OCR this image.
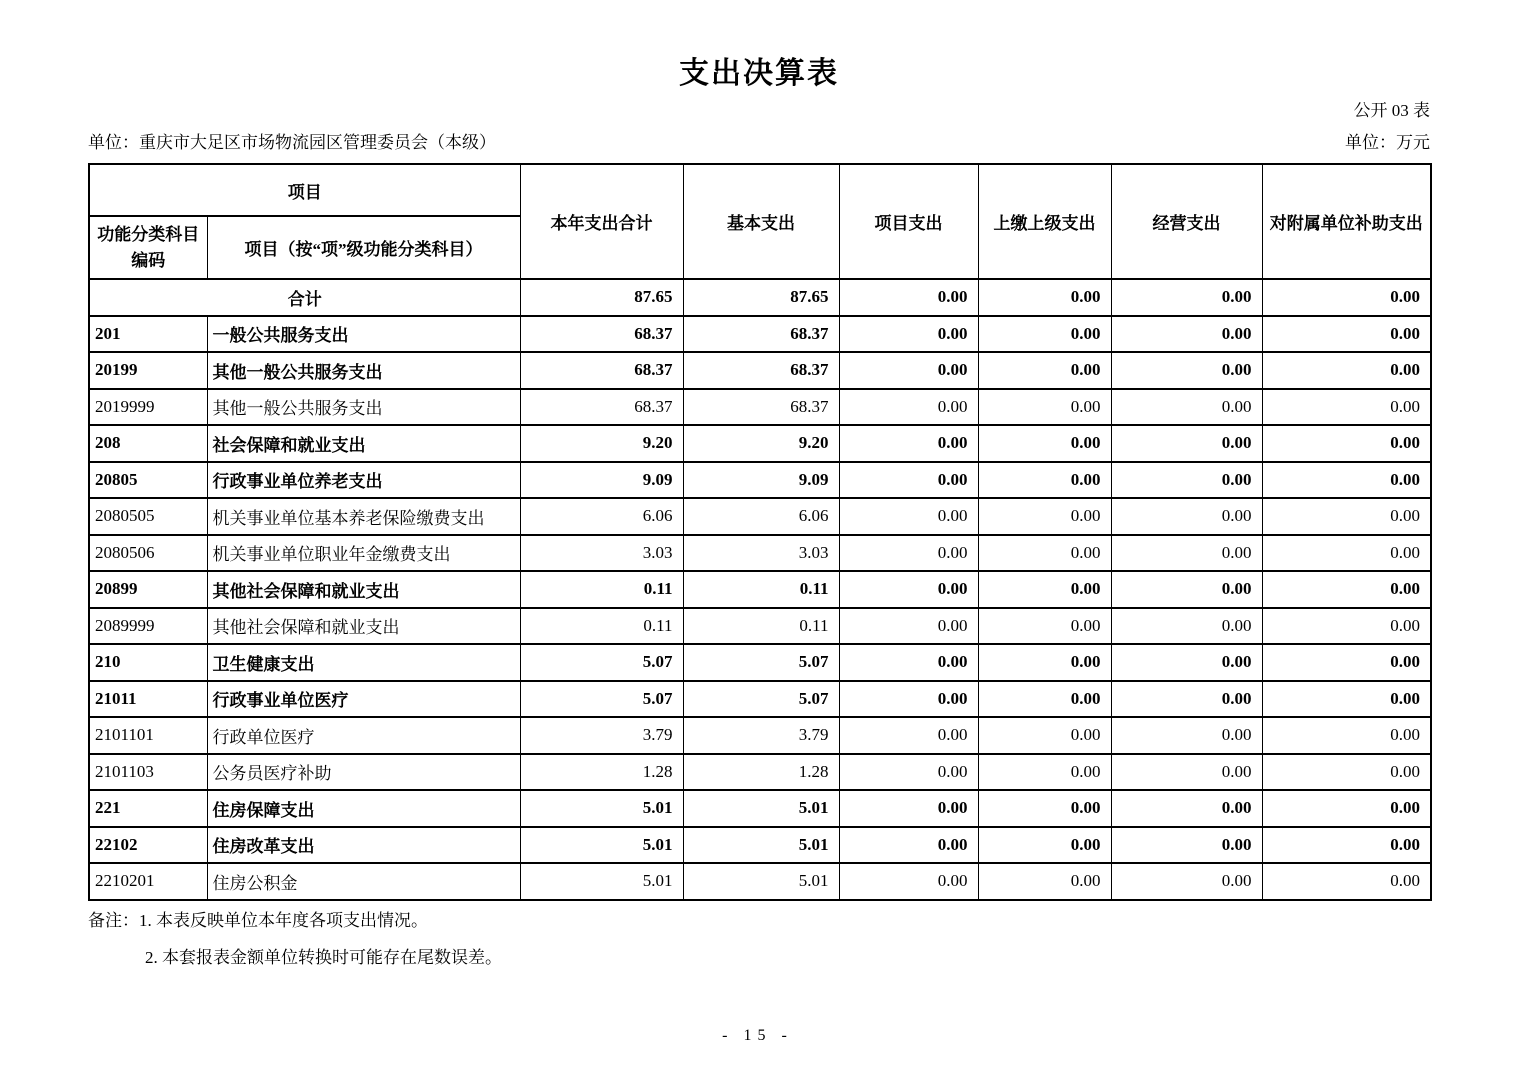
支出决算表
公开 03 表
单位：重庆市大足区市场物流园区管理委员会（本级）	单位：万元
项目		本年支出合计	基本支出	项目支出	上缴上级支出	经营支出	对附属单位补助支出
功能分类科目 编码	项目（按“项”级功能分类科目）						
合计		87.65	87.65	0.00	0.00	0.00	0.00
201	一般公共服务支出	68.37	68.37	0.00	0.00	0.00	0.00
20199	其他一般公共服务支出	68.37	68.37	0.00	0.00	0.00	0.00
2019999	其他一般公共服务支出	68.37	68.37	0.00	0.00	0.00	0.00
208	社会保障和就业支出	9.20	9.20	0.00	0.00	0.00	0.00
20805	行政事业单位养老支出	9.09	9.09	0.00	0.00	0.00	0.00
2080505	机关事业单位基本养老保险缴费支出	6.06	6.06	0.00	0.00	0.00	0.00
2080506	机关事业单位职业年金缴费支出	3.03	3.03	0.00	0.00	0.00	0.00
20899	其他社会保障和就业支出	0.11	0.11	0.00	0.00	0.00	0.00
2089999	其他社会保障和就业支出	0.11	0.11	0.00	0.00	0.00	0.00
210	卫生健康支出	5.07	5.07	0.00	0.00	0.00	0.00
21011	行政事业单位医疗	5.07	5.07	0.00	0.00	0.00	0.00
2101101	行政单位医疗	3.79	3.79	0.00	0.00	0.00	0.00
2101103	公务员医疗补助	1.28	1.28	0.00	0.00	0.00	0.00
221	住房保障支出	5.01	5.01	0.00	0.00	0.00	0.00
22102	住房改革支出	5.01	5.01	0.00	0.00	0.00	0.00
2210201	住房公积金	5.01	5.01	0.00	0.00	0.00	0.00
备注： 1. 本表反映单位本年度各项支出情况。
2. 本套报表金额单位转换时可能存在尾数误差。
- 15 -
